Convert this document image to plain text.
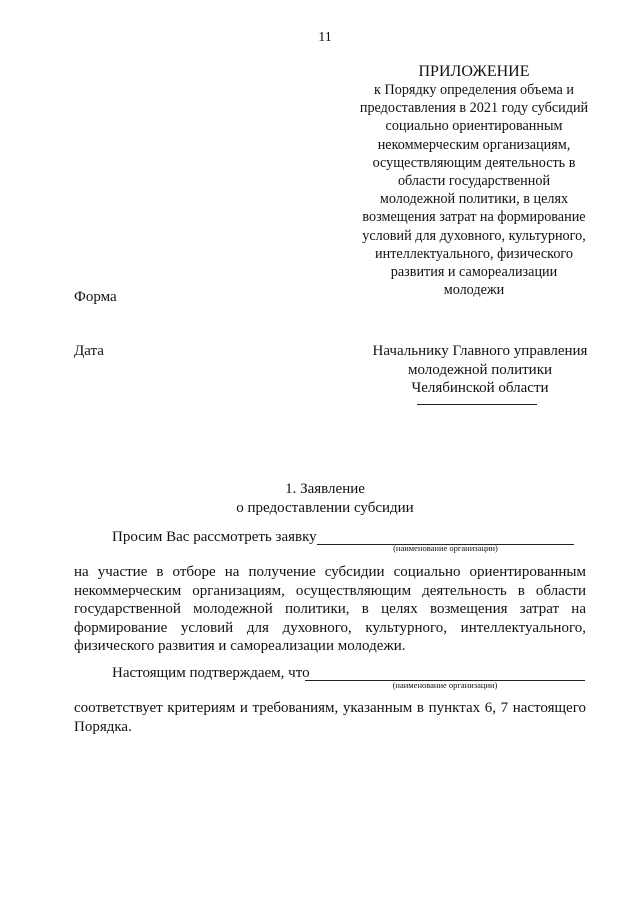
11
ПРИЛОЖЕНИЕ
к Порядку определения объема и
предоставления в 2021 году субсидий
социально ориентированным
некоммерческим организациям,
осуществляющим деятельность в
области государственной
молодежной политики, в целях
возмещения затрат на формирование
условий для духовного, культурного,
интеллектуального, физического
развития и самореализации
молодежи
Форма
Дата	Начальнику Главного управления
молодежной политики
Челябинской области
1. Заявление
о предоставлении субсидии
Просим Вас рассмотреть заявку
(наименование организации)
на участие в отборе на получение субсидии социально ориентированным некоммерческим организациям, осуществляющим деятельность в области государственной молодежной политики, в целях возмещения затрат на формирование условий для духовного, культурного, интеллектуального, физического развития и самореализации молодежи.
Настоящим подтверждаем, что
(наименование организации)
соответствует критериям и требованиям, указанным в пунктах 6, 7 настоящего Порядка.
